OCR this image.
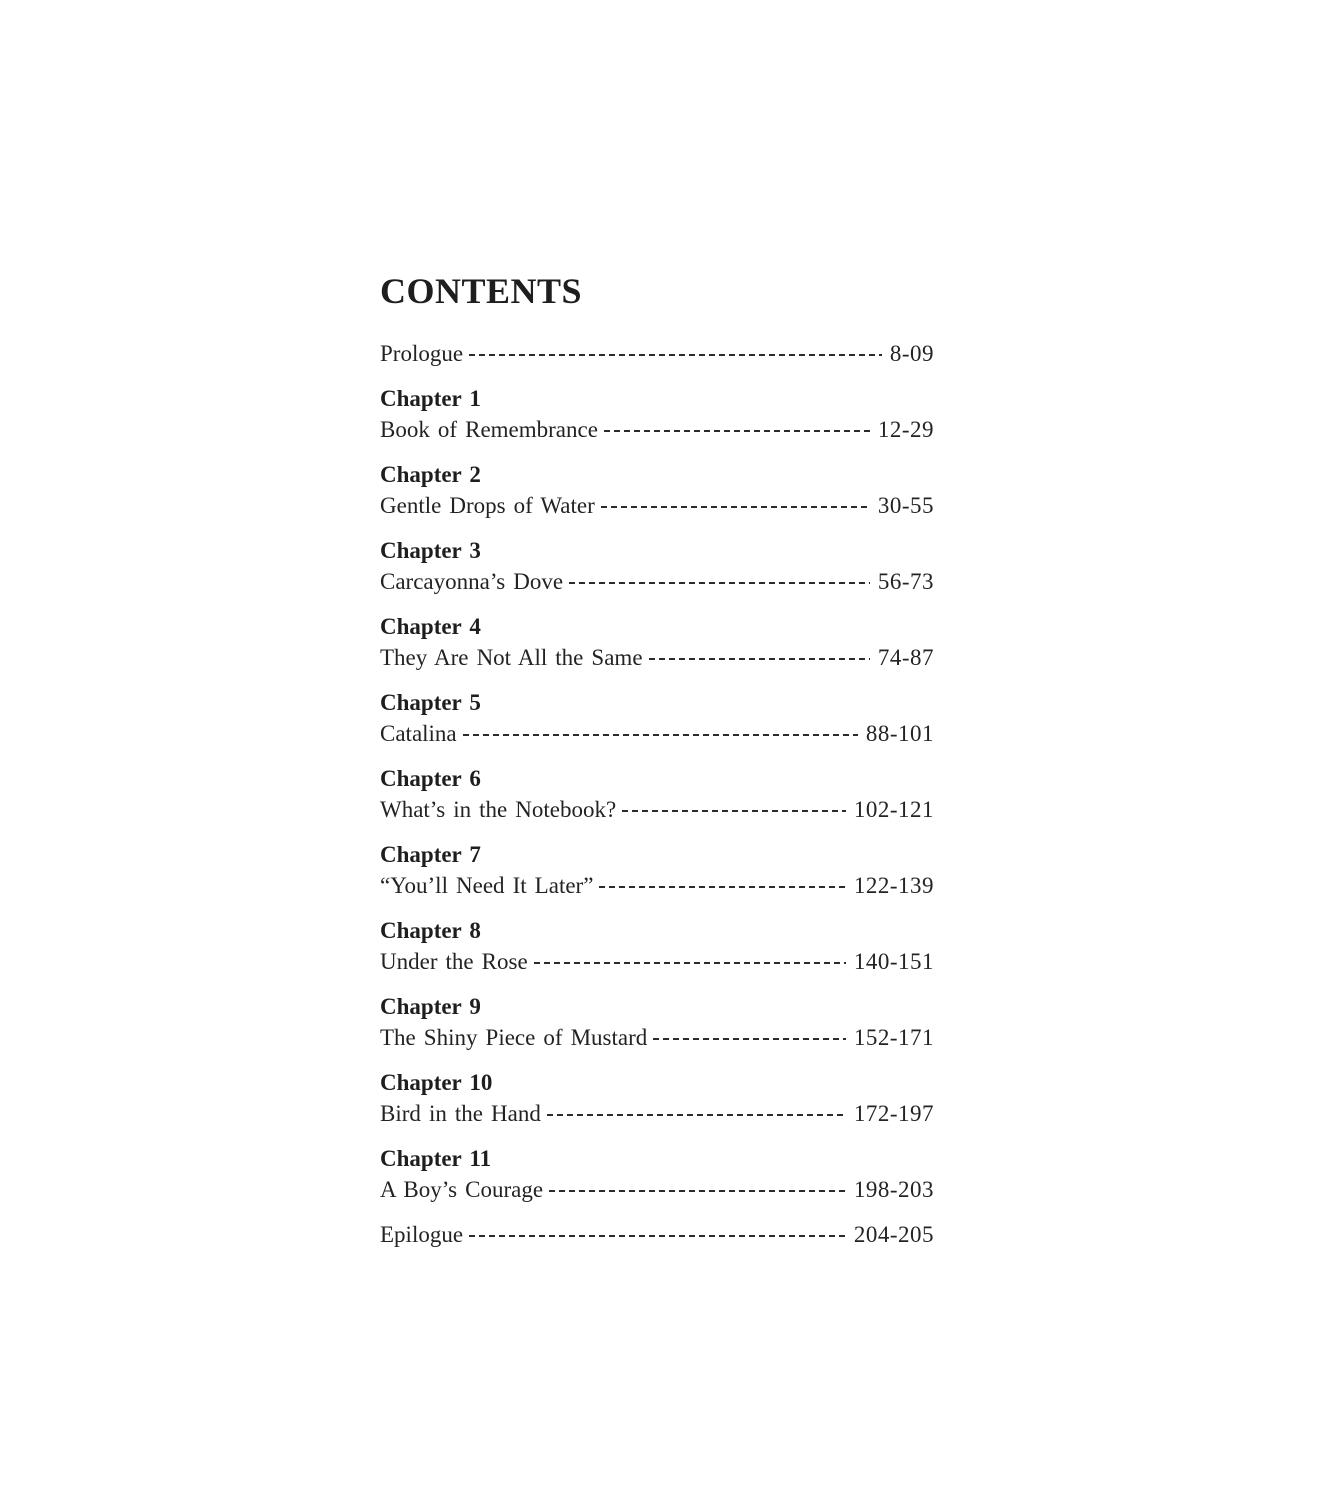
CONTENTS
Prologue	8-09
Chapter 1
Book of Remembrance	12-29
Chapter 2
Gentle Drops of Water	30-55
Chapter 3
Carcayonna’s Dove	56-73
Chapter 4
They Are Not All the Same	74-87
Chapter 5
Catalina	88-101
Chapter 6
What’s in the Notebook?	102-121
Chapter 7
“You’ll Need It Later”	122-139
Chapter 8
Under the Rose	140-151
Chapter 9
The Shiny Piece of Mustard	152-171
Chapter 10
Bird in the Hand	172-197
Chapter 11
A Boy’s Courage	198-203
Epilogue	204-205
